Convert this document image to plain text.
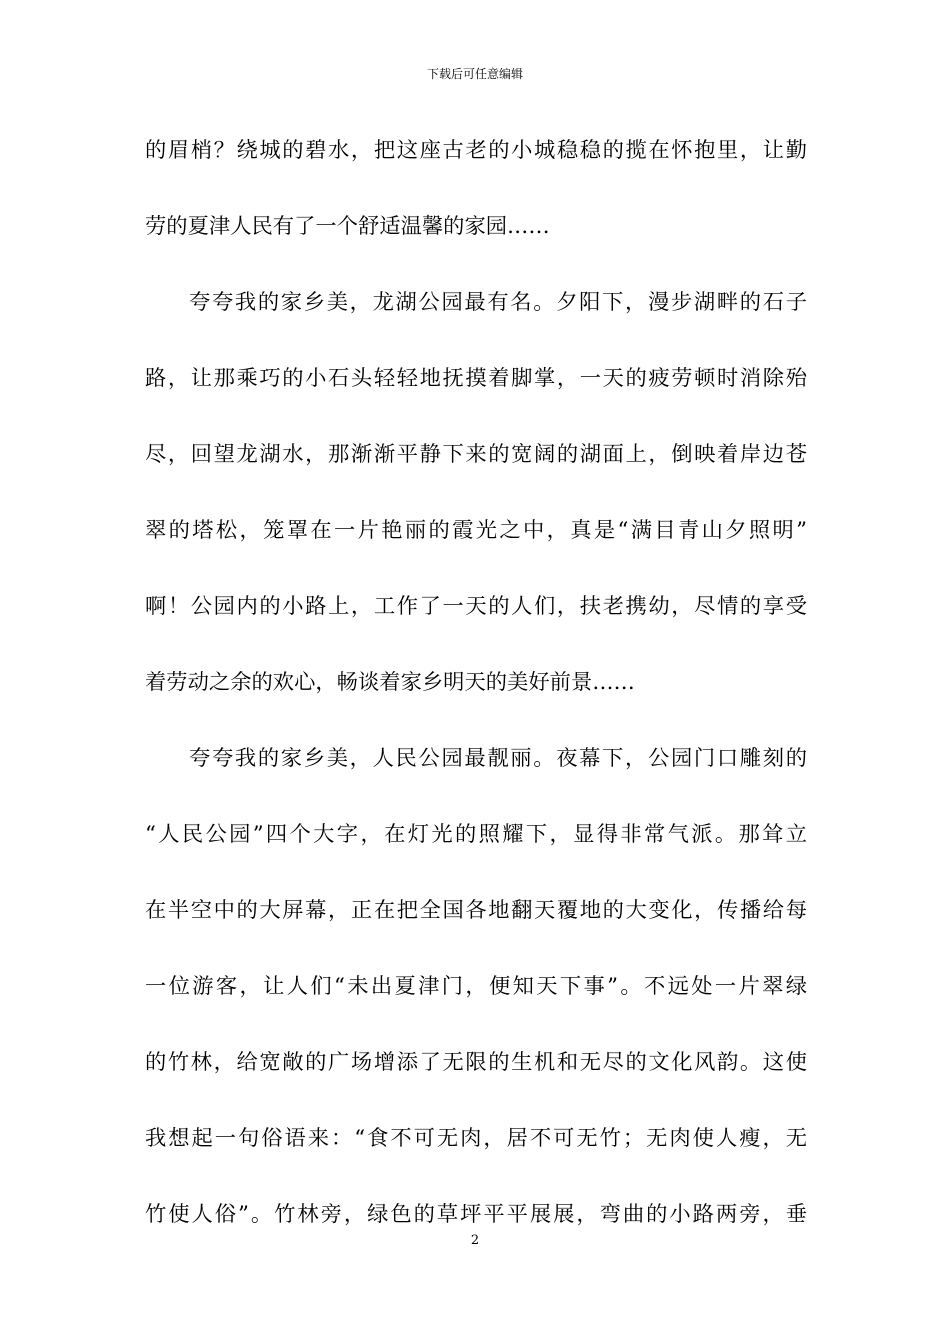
下载后可任意编辑
的眉梢？绕城的碧水，把这座古老的小城稳稳的揽在怀抱里，让勤
劳的夏津人民有了一个舒适温馨的家园……
夸夸我的家乡美，龙湖公园最有名。夕阳下，漫步湖畔的石子
路，让那乘巧的小石头轻轻地抚摸着脚掌，一天的疲劳顿时消除殆
尽，回望龙湖水，那渐渐平静下来的宽阔的湖面上，倒映着岸边苍
翠的塔松，笼罩在一片艳丽的霞光之中，真是“满目青山夕照明”
啊！公园内的小路上，工作了一天的人们，扶老携幼，尽情的享受
着劳动之余的欢心，畅谈着家乡明天的美好前景……
夸夸我的家乡美，人民公园最靓丽。夜幕下，公园门口雕刻的
“人民公园”四个大字，在灯光的照耀下，显得非常气派。那耸立
在半空中的大屏幕，正在把全国各地翻天覆地的大变化，传播给每
一位游客，让人们“未出夏津门，便知天下事”。不远处一片翠绿
的竹林，给宽敞的广场增添了无限的生机和无尽的文化风韵。这使
我想起一句俗语来：“食不可无肉，居不可无竹；无肉使人瘦，无
竹使人俗”。竹林旁，绿色的草坪平平展展，弯曲的小路两旁，垂
2
